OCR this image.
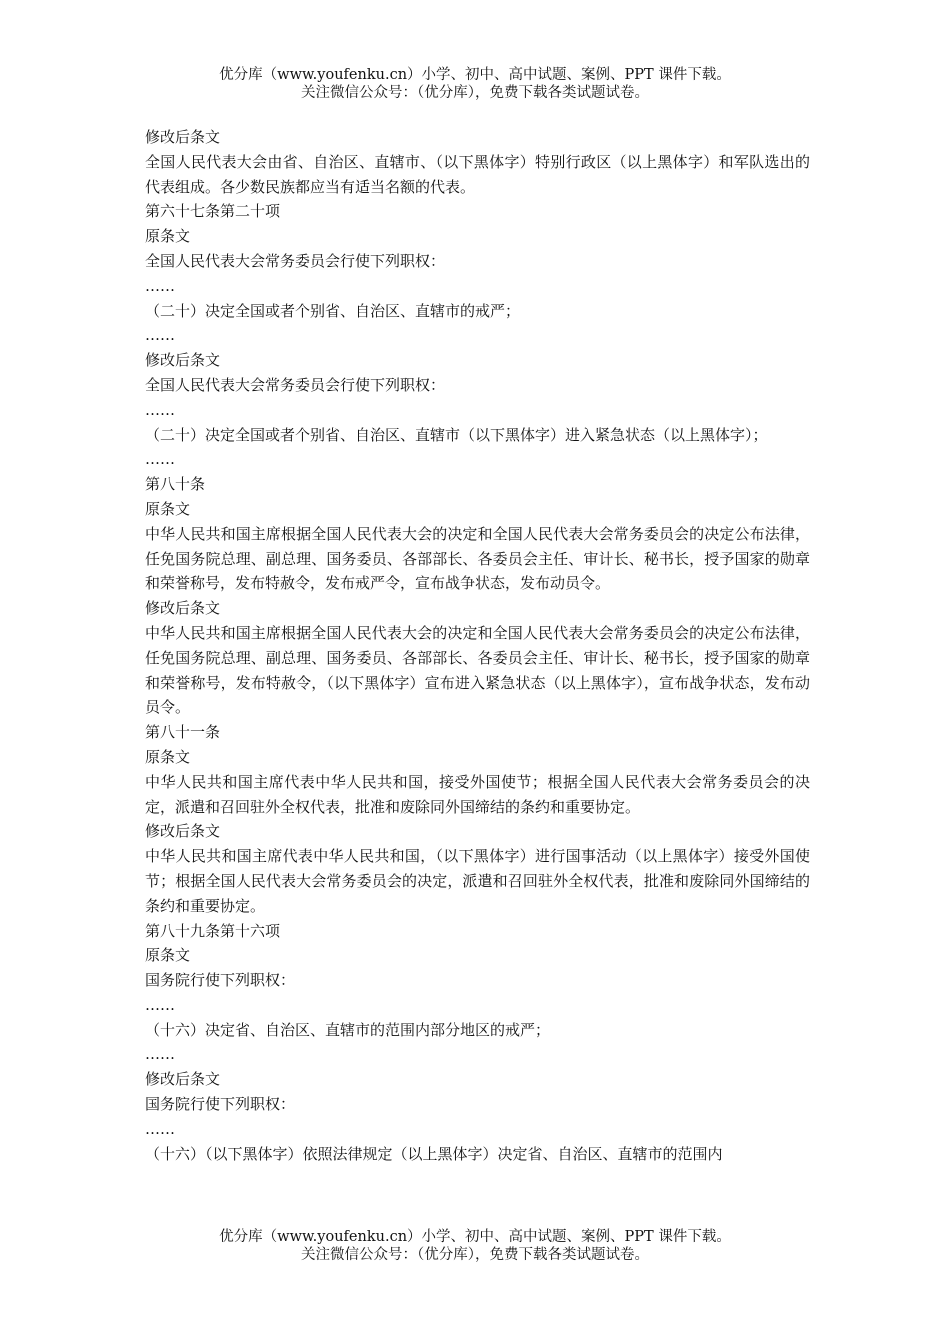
优分库（www.youfenku.cn）小学、初中、高中试题、案例、PPT 课件下载。
关注微信公众号：（优分库），免费下载各类试题试卷。

修改后条文

全国人民代表大会由省、自治区、直辖市、（以下黑体字）特别行政区（以上黑体字）和军队选出的代表组成。各少数民族都应当有适当名额的代表。

第六十七条第二十项

原条文

全国人民代表大会常务委员会行使下列职权：

……

（二十）决定全国或者个别省、自治区、直辖市的戒严；

……

修改后条文

全国人民代表大会常务委员会行使下列职权：

……

（二十）决定全国或者个别省、自治区、直辖市（以下黑体字）进入紧急状态（以上黑体字）；

……

第八十条

原条文

中华人民共和国主席根据全国人民代表大会的决定和全国人民代表大会常务委员会的决定公布法律，任免国务院总理、副总理、国务委员、各部部长、各委员会主任、审计长、秘书长，授予国家的勋章和荣誉称号，发布特赦令，发布戒严令，宣布战争状态，发布动员令。

修改后条文

中华人民共和国主席根据全国人民代表大会的决定和全国人民代表大会常务委员会的决定公布法律，任免国务院总理、副总理、国务委员、各部部长、各委员会主任、审计长、秘书长，授予国家的勋章和荣誉称号，发布特赦令，（以下黑体字）宣布进入紧急状态（以上黑体字），宣布战争状态，发布动员令。

第八十一条

原条文

中华人民共和国主席代表中华人民共和国，接受外国使节；根据全国人民代表大会常务委员会的决定，派遣和召回驻外全权代表，批准和废除同外国缔结的条约和重要协定。

修改后条文

中华人民共和国主席代表中华人民共和国，（以下黑体字）进行国事活动（以上黑体字）接受外国使节；根据全国人民代表大会常务委员会的决定，派遣和召回驻外全权代表，批准和废除同外国缔结的条约和重要协定。

第八十九条第十六项

原条文

国务院行使下列职权：

……

（十六）决定省、自治区、直辖市的范围内部分地区的戒严；

……

修改后条文

国务院行使下列职权：

……

（十六）（以下黑体字）依照法律规定（以上黑体字）决定省、自治区、直辖市的范围内

优分库（www.youfenku.cn）小学、初中、高中试题、案例、PPT 课件下载。
关注微信公众号：（优分库），免费下载各类试题试卷。
